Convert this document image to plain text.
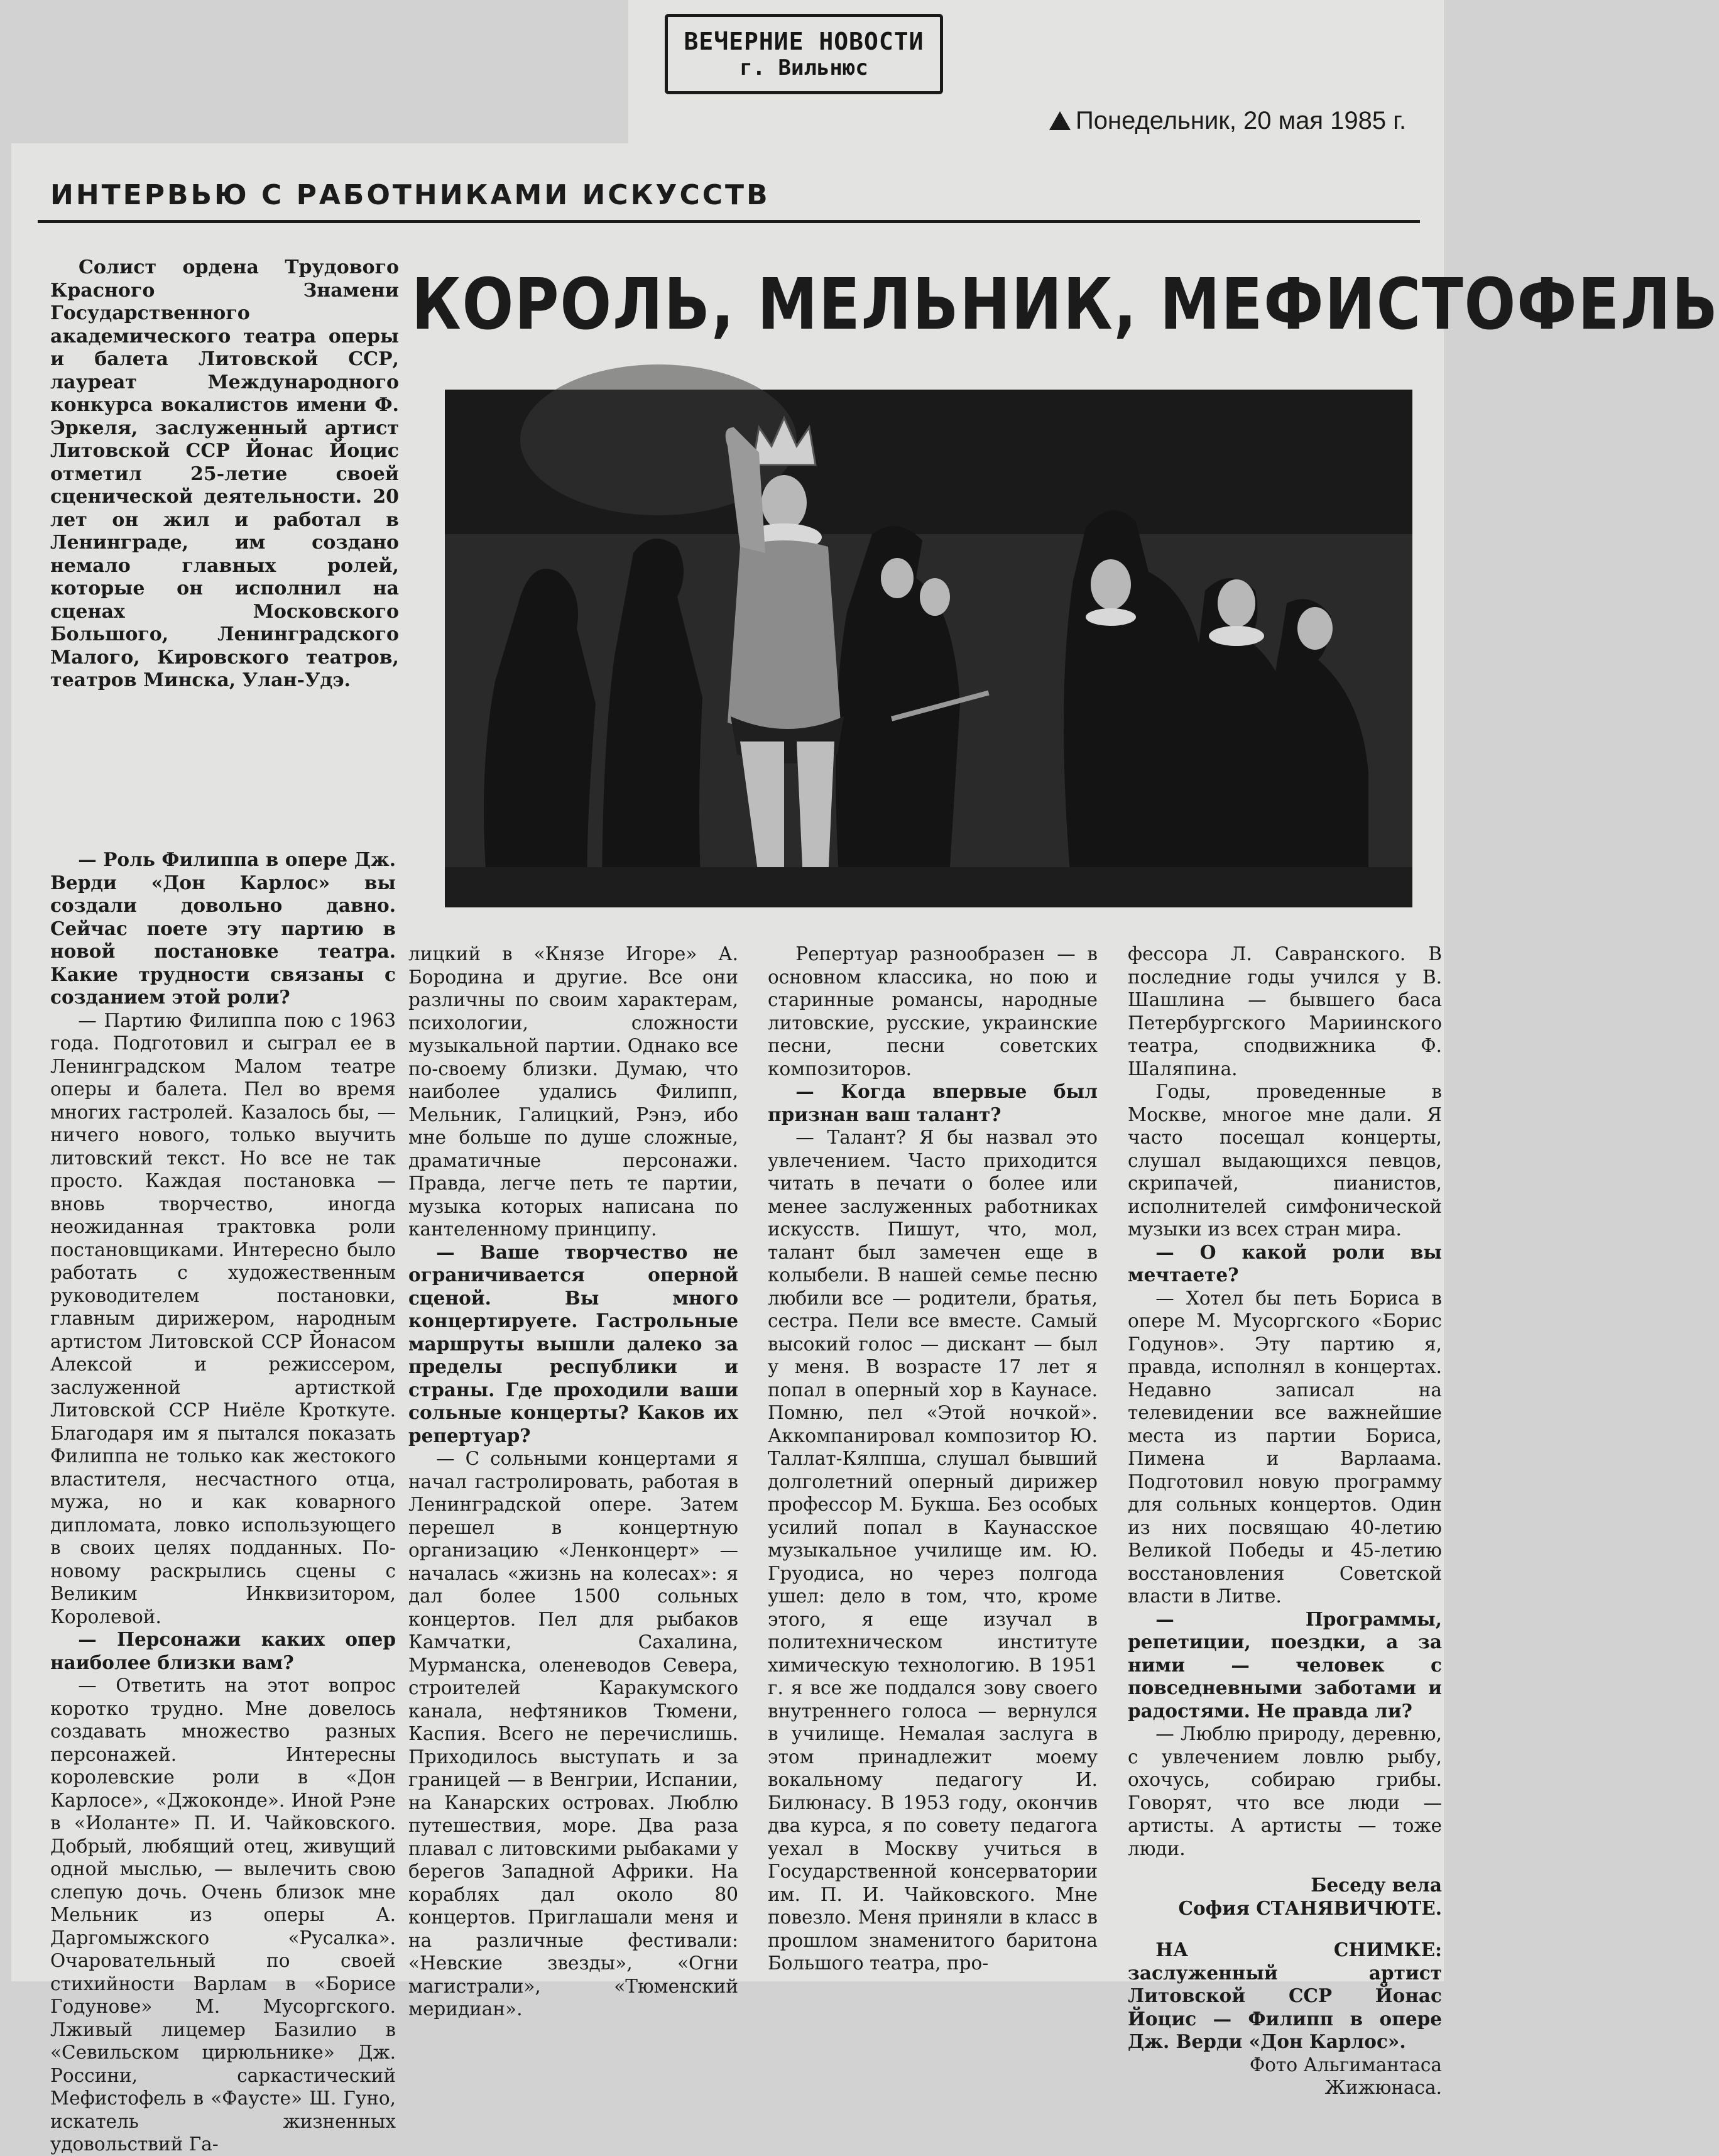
ВЕЧЕРНИЕ НОВОСТИ
г. Вильнюс
Понедельник, 20 мая 1985 г.
ИНТЕРВЬЮ С РАБОТНИКАМИ ИСКУССТВ
КОРОЛЬ, МЕЛЬНИК, МЕФИСТОФЕЛЬ

Солист ордена Трудового Красного Знамени Государственного академического театра оперы и балета Литовской ССР, лауреат Международного конкурса вокалистов имени Ф. Эркеля, заслуженный артист Литовской ССР Йонас Йоцис отметил 25-летие своей сценической деятельности. 20 лет он жил и работал в Ленинграде, им создано немало главных ролей, которые он исполнил на сценах Московского Большого, Ленинградского Малого, Кировского театров, театров Минска, Улан-Удэ.

— Роль Филиппа в опере Дж. Верди «Дон Карлос» вы создали довольно давно. Сейчас поете эту партию в новой постановке театра. Какие трудности связаны с созданием этой роли?

— Партию Филиппа пою с 1963 года. Подготовил и сыграл ее в Ленинградском Малом театре оперы и балета. Пел во время многих гастролей. Казалось бы, — ничего нового, только выучить литовский текст. Но все не так просто. Каждая постановка — вновь творчество, иногда неожиданная трактовка роли постановщиками. Интересно было работать с художественным руководителем постановки, главным дирижером, народным артистом Литовской ССР Йонасом Алексой и режиссером, заслуженной артисткой Литовской ССР Ниёле Кроткуте. Благодаря им я пытался показать Филиппа не только как жестокого властителя, несчастного отца, мужа, но и как коварного дипломата, ловко использующего в своих целях подданных. По-новому раскрылись сцены с Великим Инквизитором, Королевой.

— Персонажи каких опер наиболее близки вам?

— Ответить на этот вопрос коротко трудно. Мне довелось создавать множество разных персонажей. Интересны королевские роли в «Дон Карлосе», «Джоконде». Иной Рэне в «Иоланте» П. И. Чайковского. Добрый, любящий отец, живущий одной мыслью, — вылечить свою слепую дочь. Очень близок мне Мельник из оперы А. Даргомыжского «Русалка». Очаровательный по своей стихийности Варлам в «Борисе Годунове» М. Мусоргского. Лживый лицемер Базилио в «Севильском цирюльнике» Дж. Россини, саркастический Мефистофель в «Фаусте» Ш. Гуно, искатель жизненных удовольствий Га-

лицкий в «Князе Игоре» А. Бородина и другие. Все они различны по своим характерам, психологии, сложности музыкальной партии. Однако все по-своему близки. Думаю, что наиболее удались Филипп, Мельник, Галицкий, Рэнэ, ибо мне больше по душе сложные, драматичные персонажи. Правда, легче петь те партии, музыка которых написана по кантеленному принципу.

— Ваше творчество не ограничивается оперной сценой. Вы много концертируете. Гастрольные маршруты вышли далеко за пределы республики и страны. Где проходили ваши сольные концерты? Каков их репертуар?

— С сольными концертами я начал гастролировать, работая в Ленинградской опере. Затем перешел в концертную организацию «Ленконцерт» — началась «жизнь на колесах»: я дал более 1500 сольных концертов. Пел для рыбаков Камчатки, Сахалина, Мурманска, оленеводов Севера, строителей Каракумского канала, нефтяников Тюмени, Каспия. Всего не перечислишь. Приходилось выступать и за границей — в Венгрии, Испании, на Канарских островах. Люблю путешествия, море. Два раза плавал с литовскими рыбаками у берегов Западной Африки. На кораблях дал около 80 концертов. Приглашали меня и на различные фестивали: «Невские звезды», «Огни магистрали», «Тюменский меридиан».

Репертуар разнообразен — в основном классика, но пою и старинные романсы, народные литовские, русские, украинские песни, песни советских композиторов.

— Когда впервые был признан ваш талант?

— Талант? Я бы назвал это увлечением. Часто приходится читать в печати о более или менее заслуженных работниках искусств. Пишут, что, мол, талант был замечен еще в колыбели. В нашей семье песню любили все — родители, братья, сестра. Пели все вместе. Самый высокий голос — дискант — был у меня. В возрасте 17 лет я попал в оперный хор в Каунасе. Помню, пел «Этой ночкой». Аккомпанировал композитор Ю. Таллат-Кялпша, слушал бывший долголетний оперный дирижер профессор М. Букша. Без особых усилий попал в Каунасское музыкальное училище им. Ю. Груодиса, но через полгода ушел: дело в том, что, кроме этого, я еще изучал в политехническом институте химическую технологию. В 1951 г. я все же поддался зову своего внутреннего голоса — вернулся в училище. Немалая заслуга в этом принадлежит моему вокальному педагогу И. Билюнасу. В 1953 году, окончив два курса, я по совету педагога уехал в Москву учиться в Государственной консерватории им. П. И. Чайковского. Мне повезло. Меня приняли в класс в прошлом знаменитого баритона Большого театра, про-

фессора Л. Савранского. В последние годы учился у В. Шашлина — бывшего баса Петербургского Мариинского театра, сподвижника Ф. Шаляпина.

Годы, проведенные в Москве, многое мне дали. Я часто посещал концерты, слушал выдающихся певцов, скрипачей, пианистов, исполнителей симфонической музыки из всех стран мира.

— О какой роли вы мечтаете?

— Хотел бы петь Бориса в опере М. Мусоргского «Борис Годунов». Эту партию я, правда, исполнял в концертах. Недавно записал на телевидении все важнейшие места из партии Бориса, Пимена и Варлаама. Подготовил новую программу для сольных концертов. Один из них посвящаю 40-летию Великой Победы и 45-летию восстановления Советской власти в Литве.

— Программы, репетиции, поездки, а за ними — человек с повседневными заботами и радостями. Не правда ли?

— Люблю природу, деревню, с увлечением ловлю рыбу, охочусь, собираю грибы. Говорят, что все люди — артисты. А артисты — тоже люди.

Беседу вела
София СТАНЯВИЧЮТЕ.

НА СНИМКЕ: заслуженный артист Литовской ССР Йонас Йоцис — Филипп в опере Дж. Верди «Дон Карлос».

Фото Альгимантаса Жижюнаса.
